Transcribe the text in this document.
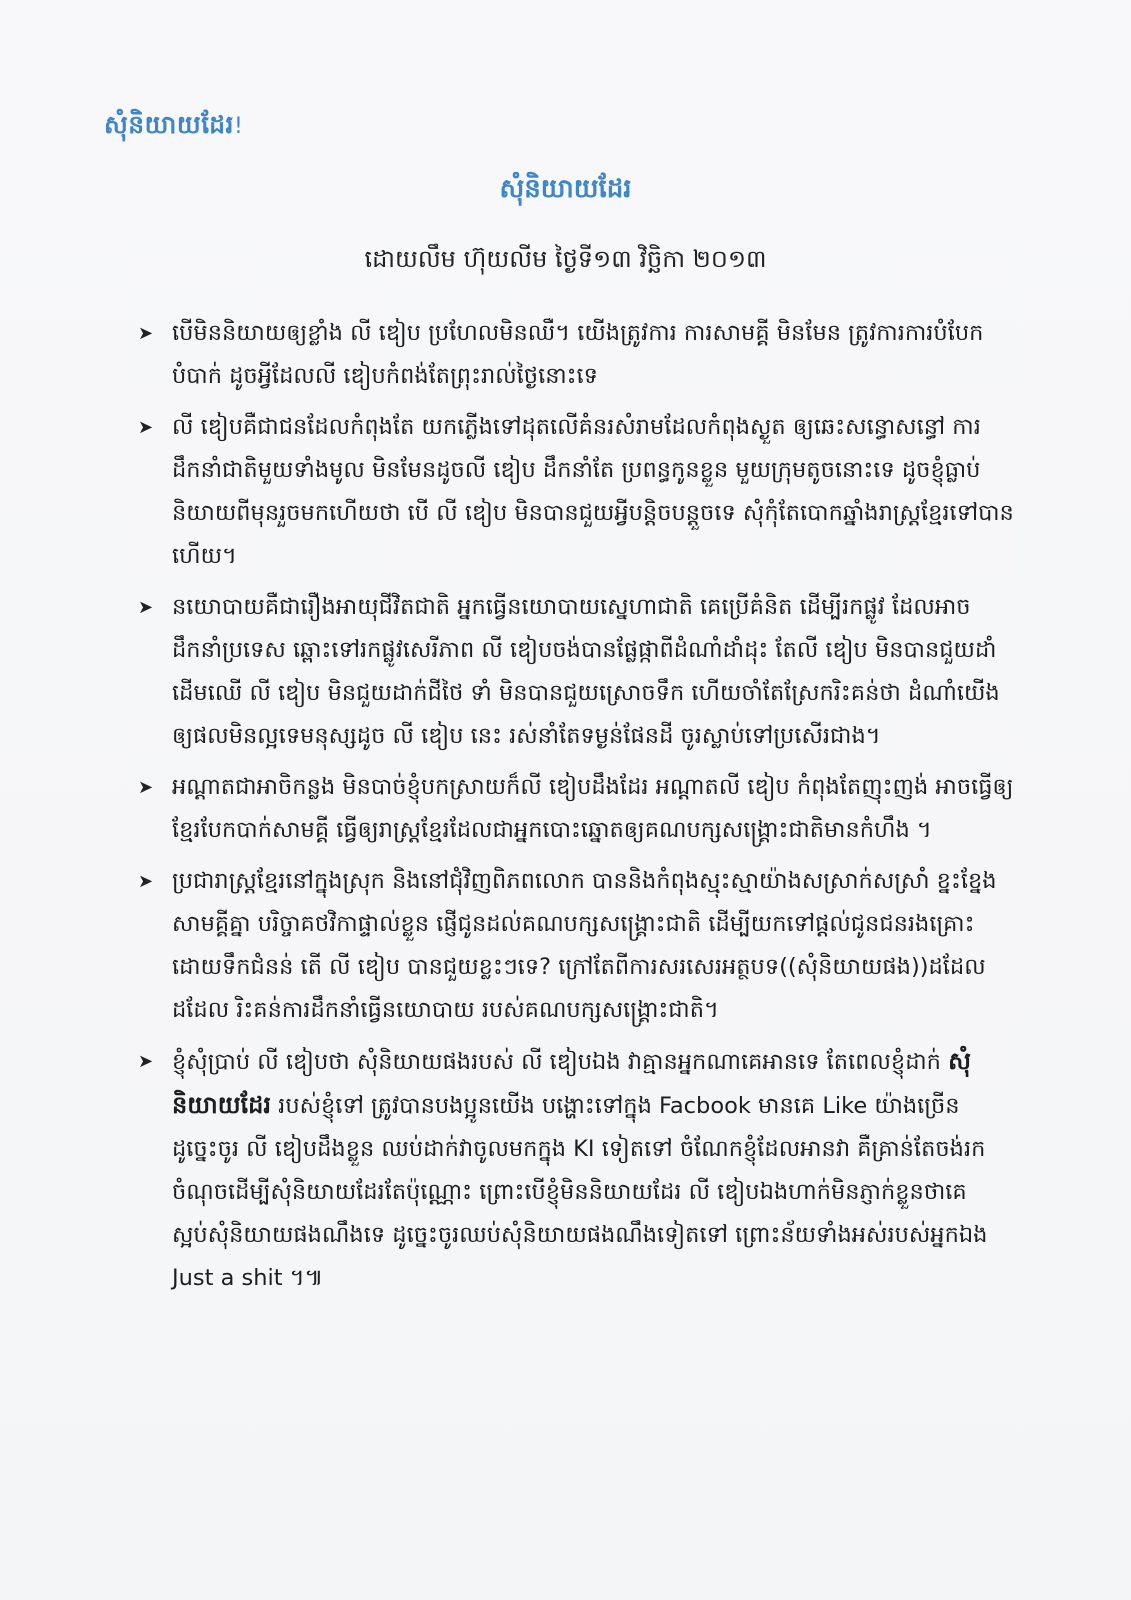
សុំនិយាយដែរ!
សុំនិយាយដែរ
ដោយលឹម ហ៊ុយលីម ថ្ងៃទី១៣ វិច្ឆិកា ២០១៣
➤ បើមិននិយាយឲ្យខ្លាំង លី ឌៀប ប្រហែលមិនឈឺ។ យើងត្រូវការ ការសាមគ្គី មិនមែន ត្រូវការការបំបែកបំបាក់ ដូចអ្វីដែលលី ឌៀបកំពង់តែព្រុះរាល់ថ្ងៃនោះទេ
➤ លី ឌៀបគឺជាជនដែលកំពុងតែ យកភ្លើងទៅដុតលើគំនរសំរាមដែលកំពុងស្ងួត ឲ្យឆេះសន្ធោសន្ធៅ ការដឹកនាំជាតិមួយទាំងមូល មិនមែនដូចលី ឌៀប ដឹកនាំតែ ប្រពន្ធកូនខ្លួន មួយក្រុមតូចនោះទេ ដូចខ្ញុំធ្លាប់និយាយពីមុនរួចមកហើយថា បើ លី ឌៀប មិនបានជួយអ្វីបន្តិចបន្តួចទេ សុំកុំតែបោកឆ្នាំងរាស្ត្រខ្មែរទៅបានហើយ។
➤ នយោបាយគឺជារឿងអាយុជីវិតជាតិ អ្នកធ្វើនយោបាយស្នេហាជាតិ គេប្រើគំនិត ដើម្បីរកផ្លូវ ដែលអាចដឹកនាំប្រទេស ឆ្ពោះទៅរកផ្លូវសេរីភាព លី ឌៀបចង់បានផ្លែផ្កាពីដំណាំដាំដុះ តែលី ឌៀប មិនបានជួយដាំដើមឈើ លី ឌៀប មិនជួយដាក់ជីថៃ ទាំ មិនបានជួយស្រោចទឹក ហើយចាំតែស្រែករិះគន់ថា ដំណាំយើងឲ្យផលមិនល្អទេមនុស្សដូច លី ឌៀប នេះ រស់នាំតែទម្ងន់ផែនដី ចូរស្លាប់ទៅប្រសើរជាង។
➤ អណ្ដាតជាអាចិកន្លង មិនបាច់ខ្ញុំបកស្រាយក៏លី ឌៀបដឹងដែរ អណ្ដាតលី ឌៀប កំពុងតែញុះញង់ អាចធ្វើឲ្យខ្មែរបែកបាក់សាមគ្គី ធ្វើឲ្យរាស្ត្រខ្មែរដែលជាអ្នកបោះឆ្នោតឲ្យគណបក្សសង្គ្រោះជាតិមានកំហឹង ។
➤ ប្រជារាស្ត្រខ្មែរនៅក្នុងស្រុក និងនៅជុំវិញពិភពលោក បាននិងកំពុងស្មុះស្មាយ៉ាងសស្រាក់សស្រាំ ខ្នះខ្នែងសាមគ្គីគ្នា បរិច្ចាគថវិកាផ្ទាល់ខ្លួន ផ្ញើជូនដល់គណបក្សសង្គ្រោះជាតិ ដើម្បីយកទៅផ្ដល់ជូនជនរងគ្រោះដោយទឹកជំនន់ តើ លី ឌៀប បានជួយខ្លះៗទេ? ក្រៅតែពីការសរសេរអត្ថបទ((សុំនិយាយផង))ដដែលដដែល រិះគន់ការដឹកនាំធ្វើនយោបាយ របស់គណបក្សសង្គ្រោះជាតិ។
➤ ខ្ញុំសុំប្រាប់ លី ឌៀបថា សុំនិយាយផងរបស់ លី ឌៀបឯង វាគ្មានអ្នកណាគេអានទេ តែពេលខ្ញុំដាក់ សុំនិយាយដែរ របស់ខ្ញុំទៅ ត្រូវបានបងប្អូនយើង បង្ហោះទៅក្នុង Facbook មានគេ Like យ៉ាងច្រើន ដូច្នេះចូរ លី ឌៀបដឹងខ្លួន ឈប់ដាក់វាចូលមកក្នុង KI ទៀតទៅ ចំណែកខ្ញុំដែលអានវា គឺគ្រាន់តែចង់រកចំណុចដើម្បីសុំនិយាយដែរតែប៉ុណ្ណោះ ព្រោះបើខ្ញុំមិននិយាយដែរ លី ឌៀបឯងហាក់មិនភ្ញាក់ខ្លួនថាគេស្អប់សុំនិយាយផងណឹងទេ ដូច្នេះចូរឈប់សុំនិយាយផងណឹងទៀតទៅ ព្រោះន័យទាំងអស់របស់អ្នកឯង Just a shit ។៕
